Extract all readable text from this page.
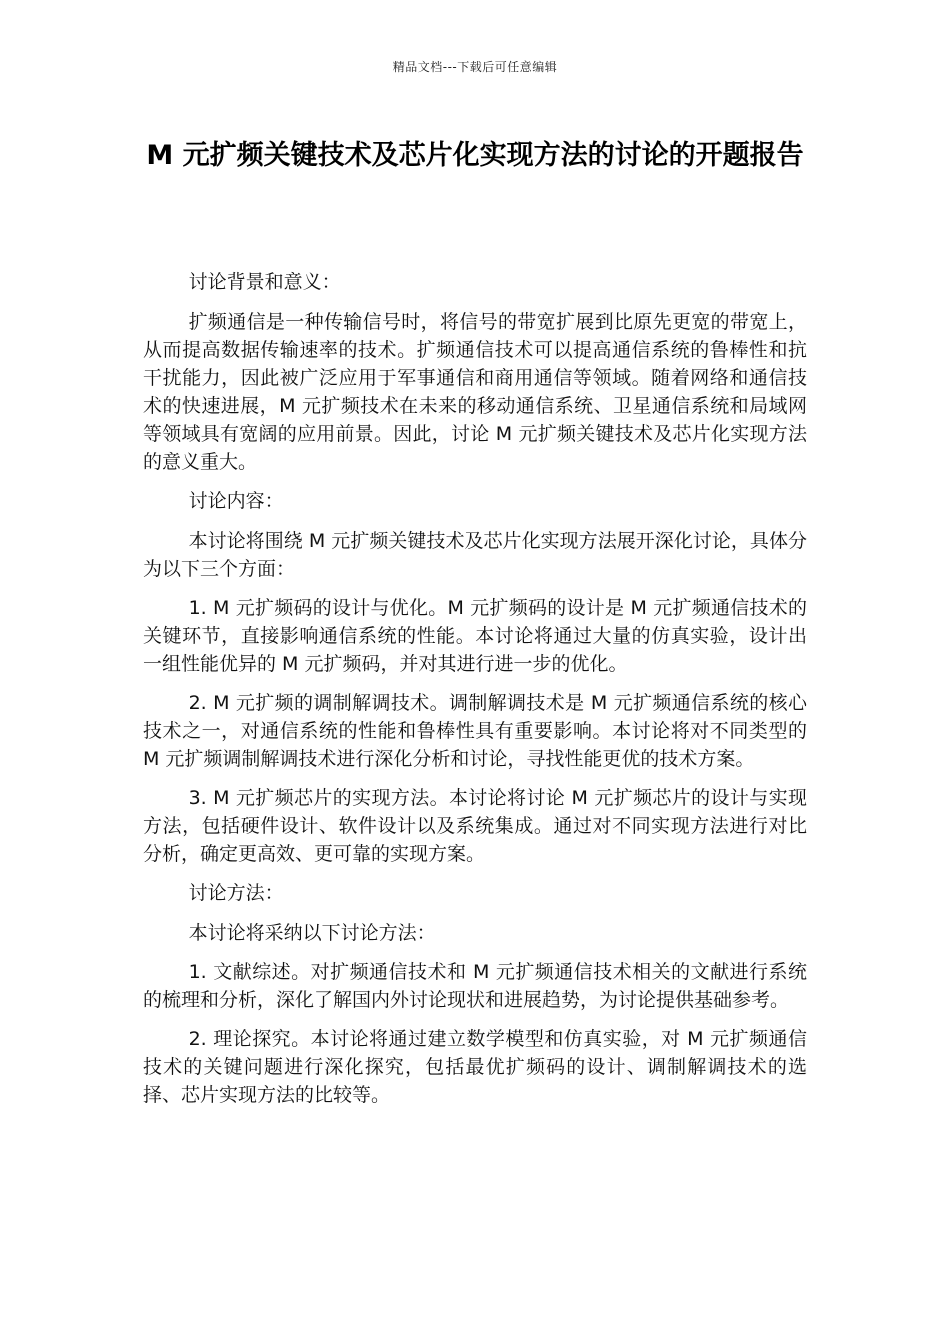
精品文档---下载后可任意编辑
M 元扩频关键技术及芯片化实现方法的讨论的开题报告

讨论背景和意义：

扩频通信是一种传输信号时，将信号的带宽扩展到比原先更宽的带宽上，从而提高数据传输速率的技术。扩频通信技术可以提高通信系统的鲁棒性和抗干扰能力，因此被广泛应用于军事通信和商用通信等领域。随着网络和通信技术的快速进展，M 元扩频技术在未来的移动通信系统、卫星通信系统和局域网等领域具有宽阔的应用前景。因此，讨论 M 元扩频关键技术及芯片化实现方法的意义重大。

讨论内容：

本讨论将围绕 M 元扩频关键技术及芯片化实现方法展开深化讨论，具体分为以下三个方面：

1. M 元扩频码的设计与优化。M 元扩频码的设计是 M 元扩频通信技术的关键环节，直接影响通信系统的性能。本讨论将通过大量的仿真实验，设计出一组性能优异的 M 元扩频码，并对其进行进一步的优化。

2. M 元扩频的调制解调技术。调制解调技术是 M 元扩频通信系统的核心技术之一，对通信系统的性能和鲁棒性具有重要影响。本讨论将对不同类型的 M 元扩频调制解调技术进行深化分析和讨论，寻找性能更优的技术方案。

3. M 元扩频芯片的实现方法。本讨论将讨论 M 元扩频芯片的设计与实现方法，包括硬件设计、软件设计以及系统集成。通过对不同实现方法进行对比分析，确定更高效、更可靠的实现方案。

讨论方法：

本讨论将采纳以下讨论方法：

1. 文献综述。对扩频通信技术和 M 元扩频通信技术相关的文献进行系统的梳理和分析，深化了解国内外讨论现状和进展趋势，为讨论提供基础参考。

2. 理论探究。本讨论将通过建立数学模型和仿真实验，对 M 元扩频通信技术的关键问题进行深化探究，包括最优扩频码的设计、调制解调技术的选择、芯片实现方法的比较等。
